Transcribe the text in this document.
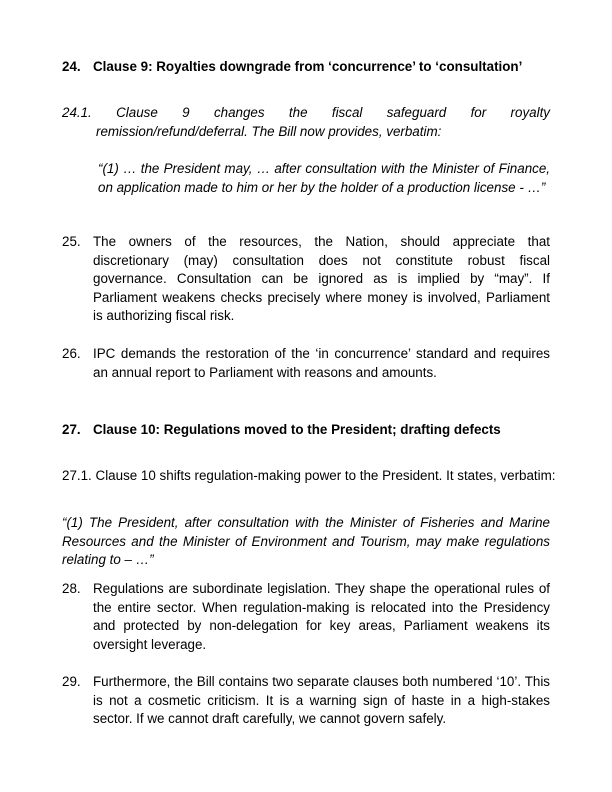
24. Clause 9: Royalties downgrade from ‘concurrence’ to ‘consultation’
24.1. Clause 9 changes the fiscal safeguard for royalty
remission/refund/deferral. The Bill now provides, verbatim:
“(1) … the President may, … after consultation with the Minister of Finance, on application made to him or her by the holder of a production license - …”
25. The owners of the resources, the Nation, should appreciate that discretionary (may) consultation does not constitute robust fiscal governance. Consultation can be ignored as is implied by “may”. If Parliament weakens checks precisely where money is involved, Parliament is authorizing fiscal risk.
26. IPC demands the restoration of the ‘in concurrence’ standard and requires an annual report to Parliament with reasons and amounts.
27. Clause 10: Regulations moved to the President; drafting defects
27.1. Clause 10 shifts regulation-making power to the President. It states, verbatim:
“(1) The President, after consultation with the Minister of Fisheries and Marine Resources and the Minister of Environment and Tourism, may make regulations relating to – …”
28. Regulations are subordinate legislation. They shape the operational rules of the entire sector. When regulation-making is relocated into the Presidency and protected by non-delegation for key areas, Parliament weakens its oversight leverage.
29. Furthermore, the Bill contains two separate clauses both numbered ‘10’. This is not a cosmetic criticism. It is a warning sign of haste in a high-stakes sector. If we cannot draft carefully, we cannot govern safely.
